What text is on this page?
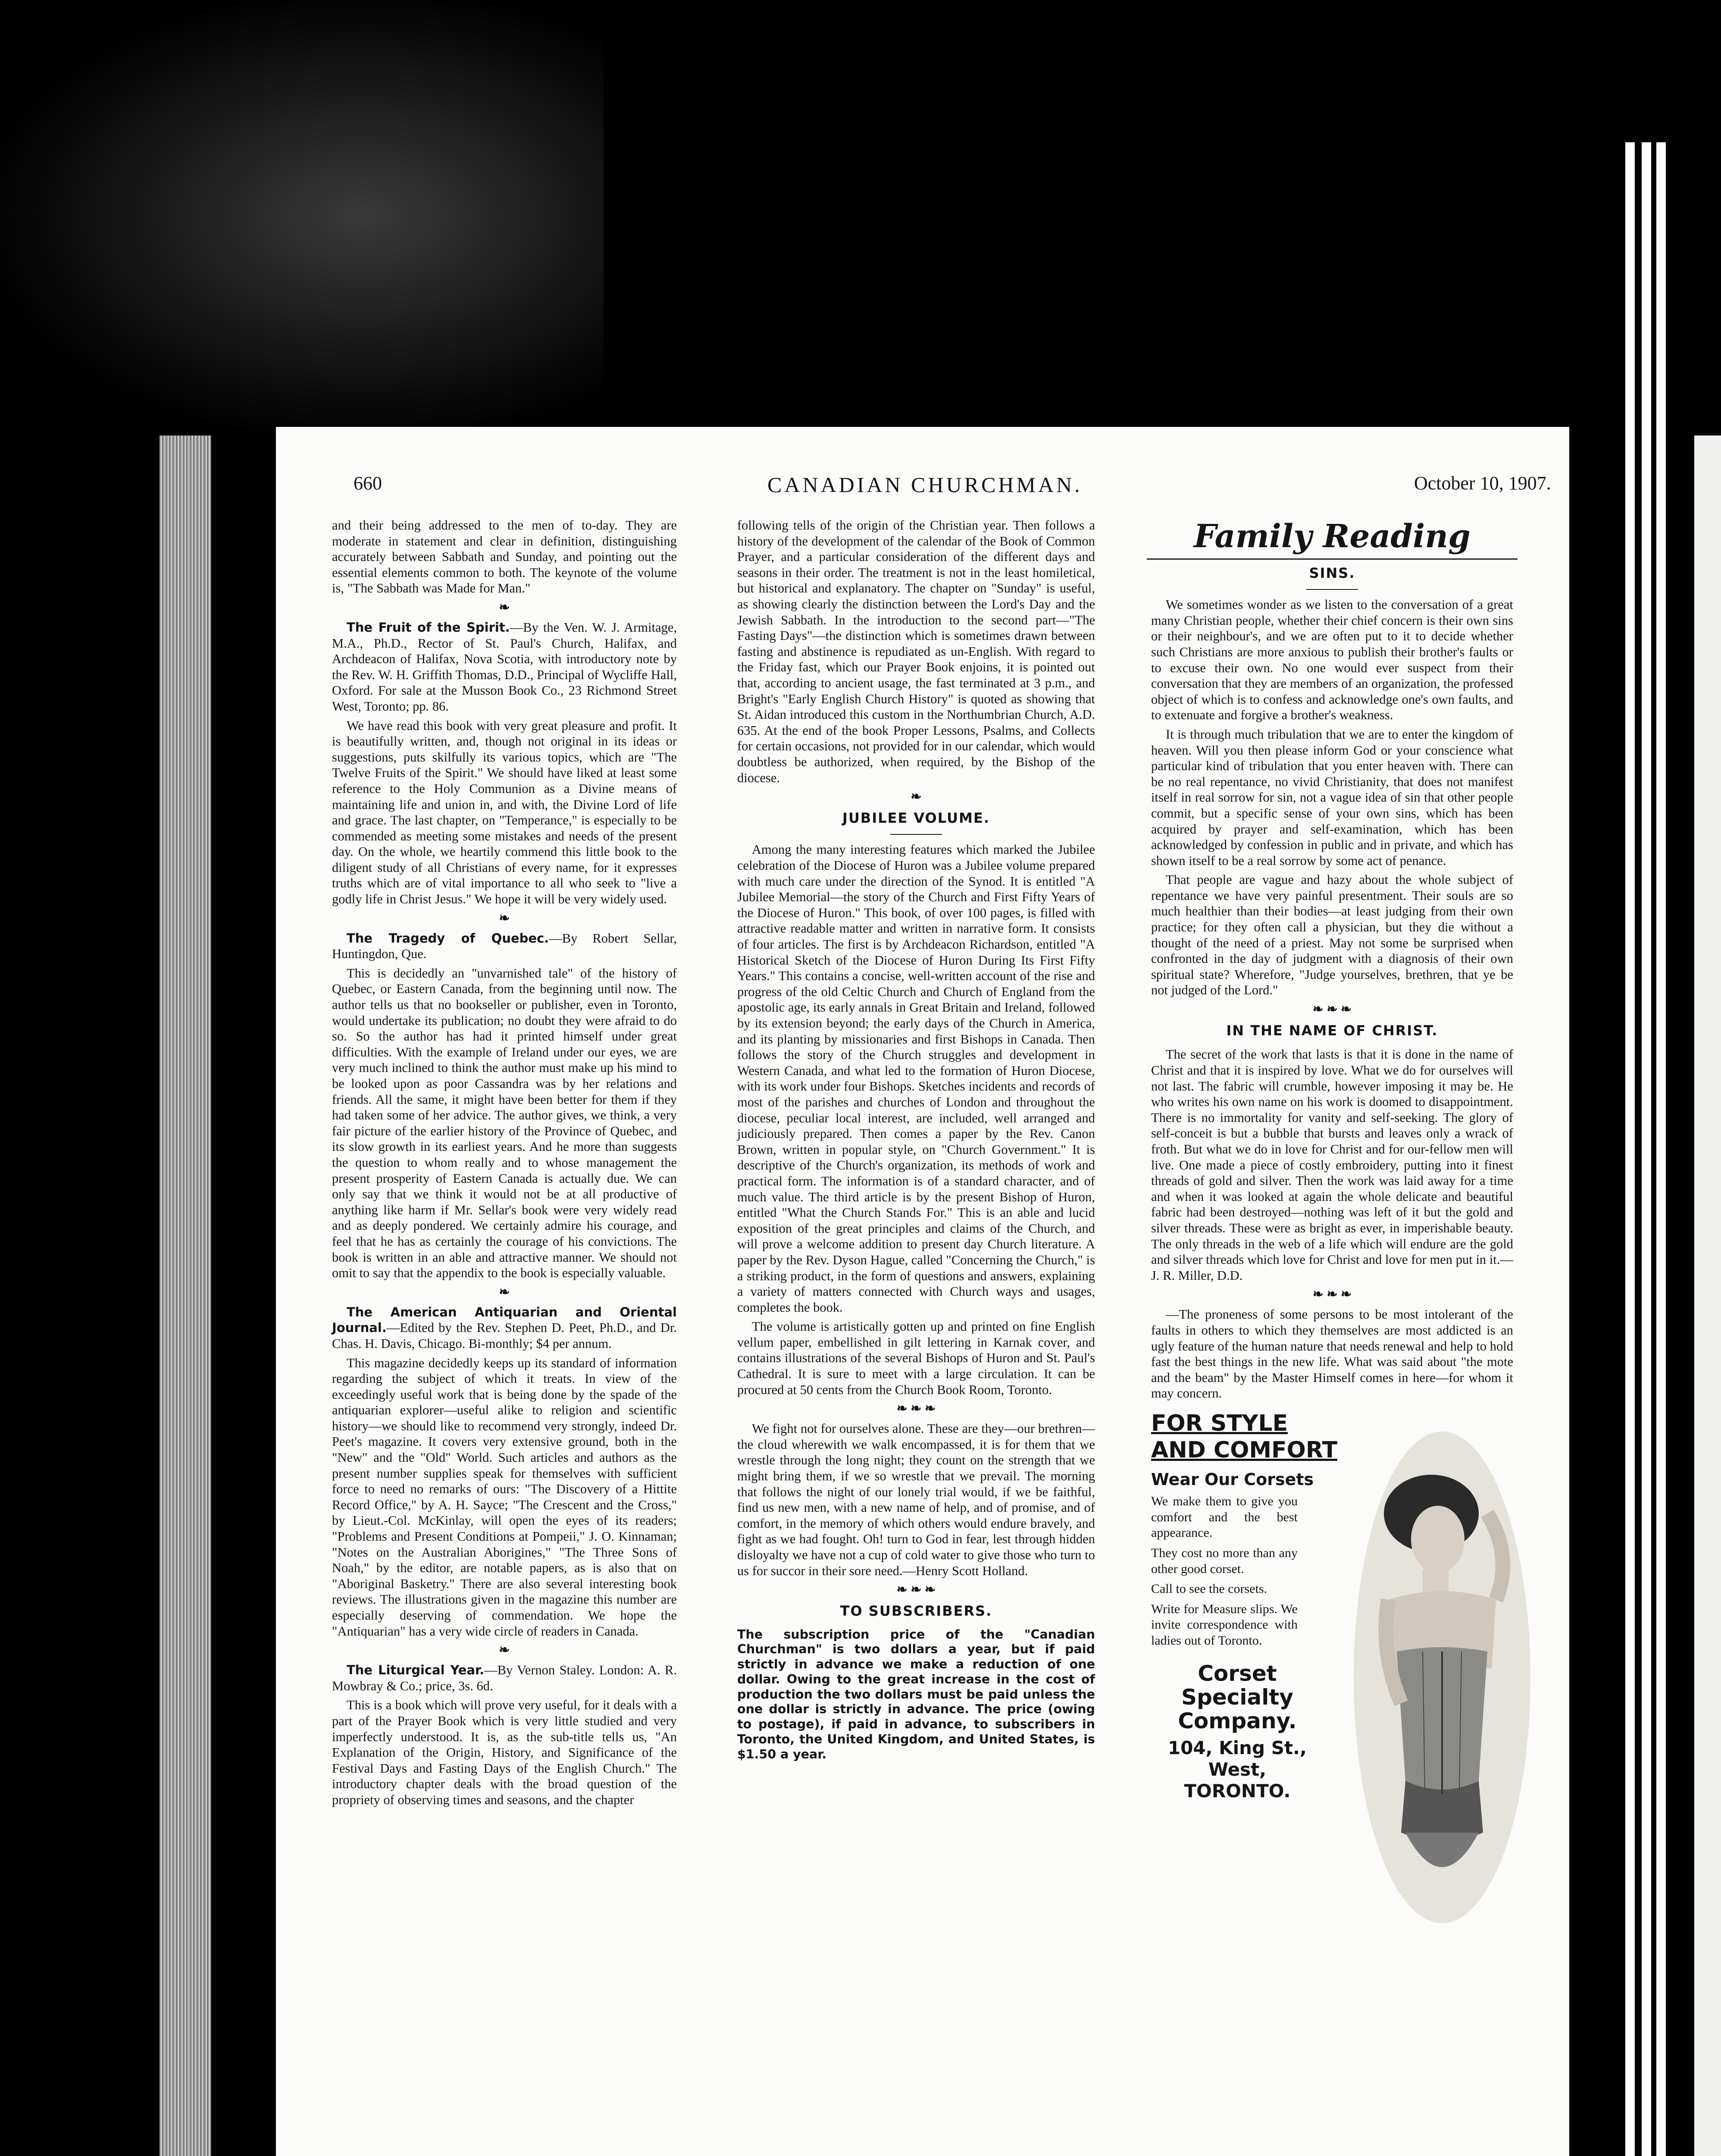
660	CANADIAN CHURCHMAN.	October 10, 1907.

and their being addressed to the men of to-day. They are moderate in statement and clear in definition, distinguishing accurately between Sabbath and Sunday, and pointing out the essential elements common to both. The keynote of the volume is, "The Sabbath was Made for Man."

❧

The Fruit of the Spirit.—By the Ven. W. J. Armitage, M.A., Ph.D., Rector of St. Paul's Church, Halifax, and Archdeacon of Halifax, Nova Scotia, with introductory note by the Rev. W. H. Griffith Thomas, D.D., Principal of Wycliffe Hall, Oxford. For sale at the Musson Book Co., 23 Richmond Street West, Toronto; pp. 86.

We have read this book with very great pleasure and profit. It is beautifully written, and, though not original in its ideas or suggestions, puts skilfully its various topics, which are "The Twelve Fruits of the Spirit." We should have liked at least some reference to the Holy Communion as a Divine means of maintaining life and union in, and with, the Divine Lord of life and grace. The last chapter, on "Temperance," is especially to be commended as meeting some mistakes and needs of the present day. On the whole, we heartily commend this little book to the diligent study of all Christians of every name, for it expresses truths which are of vital importance to all who seek to "live a godly life in Christ Jesus." We hope it will be very widely used.

❧

The Tragedy of Quebec.—By Robert Sellar, Huntingdon, Que.

This is decidedly an "unvarnished tale" of the history of Quebec, or Eastern Canada, from the beginning until now. The author tells us that no bookseller or publisher, even in Toronto, would undertake its publication; no doubt they were afraid to do so. So the author has had it printed himself under great difficulties. With the example of Ireland under our eyes, we are very much inclined to think the author must make up his mind to be looked upon as poor Cassandra was by her relations and friends. All the same, it might have been better for them if they had taken some of her advice. The author gives, we think, a very fair picture of the earlier history of the Province of Quebec, and its slow growth in its earliest years. And he more than suggests the question to whom really and to whose management the present prosperity of Eastern Canada is actually due. We can only say that we think it would not be at all productive of anything like harm if Mr. Sellar's book were very widely read and as deeply pondered. We certainly admire his courage, and feel that he has as certainly the courage of his convictions. The book is written in an able and attractive manner. We should not omit to say that the appendix to the book is especially valuable.

❧

The American Antiquarian and Oriental Journal.—Edited by the Rev. Stephen D. Peet, Ph.D., and Dr. Chas. H. Davis, Chicago. Bi-monthly; $4 per annum.

This magazine decidedly keeps up its standard of information regarding the subject of which it treats. In view of the exceedingly useful work that is being done by the spade of the antiquarian explorer—useful alike to religion and scientific history—we should like to recommend very strongly, indeed Dr. Peet's magazine. It covers very extensive ground, both in the "New" and the "Old" World. Such articles and authors as the present number supplies speak for themselves with sufficient force to need no remarks of ours: "The Discovery of a Hittite Record Office," by A. H. Sayce; "The Crescent and the Cross," by Lieut.-Col. McKinlay, will open the eyes of its readers; "Problems and Present Conditions at Pompeii," J. O. Kinnaman; "Notes on the Australian Aborigines," "The Three Sons of Noah," by the editor, are notable papers, as is also that on "Aboriginal Basketry." There are also several interesting book reviews. The illustrations given in the magazine this number are especially deserving of commendation. We hope the "Antiquarian" has a very wide circle of readers in Canada.

❧

The Liturgical Year.—By Vernon Staley. London: A. R. Mowbray & Co.; price, 3s. 6d.

This is a book which will prove very useful, for it deals with a part of the Prayer Book which is very little studied and very imperfectly understood. It is, as the sub-title tells us, "An Explanation of the Origin, History, and Significance of the Festival Days and Fasting Days of the English Church." The introductory chapter deals with the broad question of the propriety of observing times and seasons, and the chapter

following tells of the origin of the Christian year. Then follows a history of the development of the calendar of the Book of Common Prayer, and a particular consideration of the different days and seasons in their order. The treatment is not in the least homiletical, but historical and explanatory. The chapter on "Sunday" is useful, as showing clearly the distinction between the Lord's Day and the Jewish Sabbath. In the introduction to the second part—"The Fasting Days"—the distinction which is sometimes drawn between fasting and abstinence is repudiated as un-English. With regard to the Friday fast, which our Prayer Book enjoins, it is pointed out that, according to ancient usage, the fast terminated at 3 p.m., and Bright's "Early English Church History" is quoted as showing that St. Aidan introduced this custom in the Northumbrian Church, A.D. 635. At the end of the book Proper Lessons, Psalms, and Collects for certain occasions, not provided for in our calendar, which would doubtless be authorized, when required, by the Bishop of the diocese.

❧
JUBILEE VOLUME.

Among the many interesting features which marked the Jubilee celebration of the Diocese of Huron was a Jubilee volume prepared with much care under the direction of the Synod. It is entitled "A Jubilee Memorial—the story of the Church and First Fifty Years of the Diocese of Huron." This book, of over 100 pages, is filled with attractive readable matter and written in narrative form. It consists of four articles. The first is by Archdeacon Richardson, entitled "A Historical Sketch of the Diocese of Huron During Its First Fifty Years." This contains a concise, well-written account of the rise and progress of the old Celtic Church and Church of England from the apostolic age, its early annals in Great Britain and Ireland, followed by its extension beyond; the early days of the Church in America, and its planting by missionaries and first Bishops in Canada. Then follows the story of the Church struggles and development in Western Canada, and what led to the formation of Huron Diocese, with its work under four Bishops. Sketches incidents and records of most of the parishes and churches of London and throughout the diocese, peculiar local interest, are included, well arranged and judiciously prepared. Then comes a paper by the Rev. Canon Brown, written in popular style, on "Church Government." It is descriptive of the Church's organization, its methods of work and practical form. The information is of a standard character, and of much value. The third article is by the present Bishop of Huron, entitled "What the Church Stands For." This is an able and lucid exposition of the great principles and claims of the Church, and will prove a welcome addition to present day Church literature. A paper by the Rev. Dyson Hague, called "Concerning the Church," is a striking product, in the form of questions and answers, explaining a variety of matters connected with Church ways and usages, completes the book.

The volume is artistically gotten up and printed on fine English vellum paper, embellished in gilt lettering in Karnak cover, and contains illustrations of the several Bishops of Huron and St. Paul's Cathedral. It is sure to meet with a large circulation. It can be procured at 50 cents from the Church Book Room, Toronto.

❧ ❧ ❧

We fight not for ourselves alone. These are they—our brethren—the cloud wherewith we walk encompassed, it is for them that we wrestle through the long night; they count on the strength that we might bring them, if we so wrestle that we prevail. The morning that follows the night of our lonely trial would, if we be faithful, find us new men, with a new name of help, and of promise, and of comfort, in the memory of which others would endure bravely, and fight as we had fought. Oh! turn to God in fear, lest through hidden disloyalty we have not a cup of cold water to give those who turn to us for succor in their sore need.—Henry Scott Holland.

❧ ❧ ❧
TO SUBSCRIBERS.

The subscription price of the "Canadian Churchman" is two dollars a year, but if paid strictly in advance we make a reduction of one dollar. Owing to the great increase in the cost of production the two dollars must be paid unless the one dollar is strictly in advance. The price (owing to postage), if paid in advance, to subscribers in Toronto, the United Kingdom, and United States, is $1.50 a year.

Family Reading
SINS.

We sometimes wonder as we listen to the conversation of a great many Christian people, whether their chief concern is their own sins or their neighbour's, and we are often put to it to decide whether such Christians are more anxious to publish their brother's faults or to excuse their own. No one would ever suspect from their conversation that they are members of an organization, the professed object of which is to confess and acknowledge one's own faults, and to extenuate and forgive a brother's weakness.

It is through much tribulation that we are to enter the kingdom of heaven. Will you then please inform God or your conscience what particular kind of tribulation that you enter heaven with. There can be no real repentance, no vivid Christianity, that does not manifest itself in real sorrow for sin, not a vague idea of sin that other people commit, but a specific sense of your own sins, which has been acquired by prayer and self-examination, which has been acknowledged by confession in public and in private, and which has shown itself to be a real sorrow by some act of penance.

That people are vague and hazy about the whole subject of repentance we have very painful presentment. Their souls are so much healthier than their bodies—at least judging from their own practice; for they often call a physician, but they die without a thought of the need of a priest. May not some be surprised when confronted in the day of judgment with a diagnosis of their own spiritual state? Wherefore, "Judge yourselves, brethren, that ye be not judged of the Lord."

❧ ❧ ❧
IN THE NAME OF CHRIST.

The secret of the work that lasts is that it is done in the name of Christ and that it is inspired by love. What we do for ourselves will not last. The fabric will crumble, however imposing it may be. He who writes his own name on his work is doomed to disappointment. There is no immortality for vanity and self-seeking. The glory of self-conceit is but a bubble that bursts and leaves only a wrack of froth. But what we do in love for Christ and for our-fellow men will live. One made a piece of costly embroidery, putting into it finest threads of gold and silver. Then the work was laid away for a time and when it was looked at again the whole delicate and beautiful fabric had been destroyed—nothing was left of it but the gold and silver threads. These were as bright as ever, in imperishable beauty. The only threads in the web of a life which will endure are the gold and silver threads which love for Christ and love for men put in it.—J. R. Miller, D.D.

❧ ❧ ❧

—The proneness of some persons to be most intolerant of the faults in others to which they themselves are most addicted is an ugly feature of the human nature that needs renewal and help to hold fast the best things in the new life. What was said about "the mote and the beam" by the Master Himself comes in here—for whom it may concern.

FOR STYLE
AND COMFORT
Wear Our Corsets

We make them to give you comfort and the best appearance.

They cost no more than any other good corset.

Call to see the corsets.

Write for Measure slips. We invite correspondence with ladies out of Toronto.

Corset Specialty Company.
104, King St.,
West,
TORONTO.
